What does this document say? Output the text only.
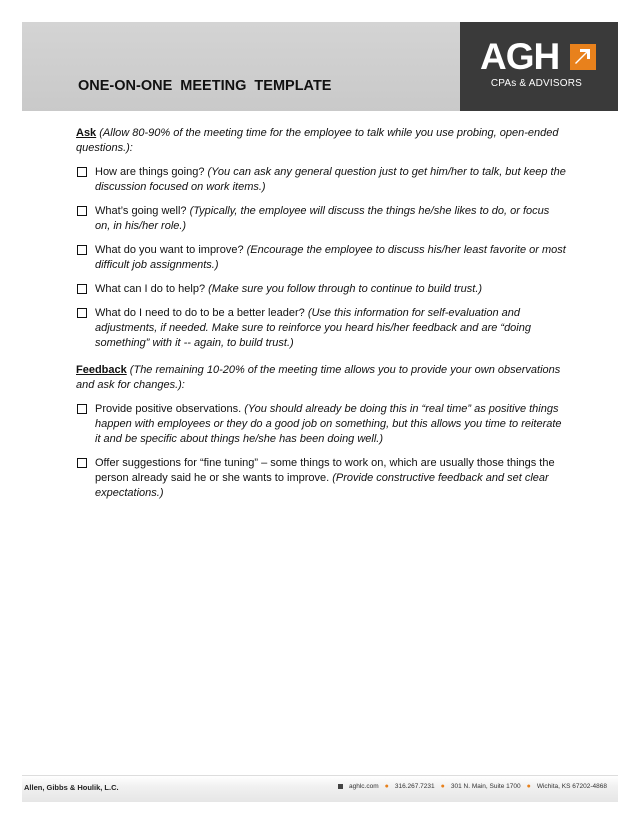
ONE-ON-ONE  MEETING  TEMPLATE
AGH
CPAs & ADVISORS

Ask (Allow 80-90% of the meeting time for the employee to talk while you use probing, open-ended questions.):

How are things going? (You can ask any general question just to get him/her to talk, but keep the discussion focused on work items.)
What’s going well? (Typically, the employee will discuss the things he/she likes to do, or focus on, in his/her role.)
What do you want to improve? (Encourage the employee to discuss his/her least favorite or most difficult job assignments.)
What can I do to help? (Make sure you follow through to continue to build trust.)
What do I need to do to be a better leader? (Use this information for self-evaluation and adjustments, if needed. Make sure to reinforce you heard his/her feedback and are “doing something” with it -- again, to build trust.)

Feedback (The remaining 10-20% of the meeting time allows you to provide your own observations and ask for changes.):

Provide positive observations. (You should already be doing this in “real time” as positive things happen with employees or they do a good job on something, but this allows you time to reiterate it and be specific about things he/she has been doing well.)
Offer suggestions for “fine tuning” – some things to work on, which are usually those things the person already said he or she wants to improve. (Provide constructive feedback and set clear expectations.)
Allen, Gibbs & Houlik, L.C.	aghlc.com ● 316.267.7231 ● 301 N. Main, Suite 1700 ● Wichita, KS 67202-4868
